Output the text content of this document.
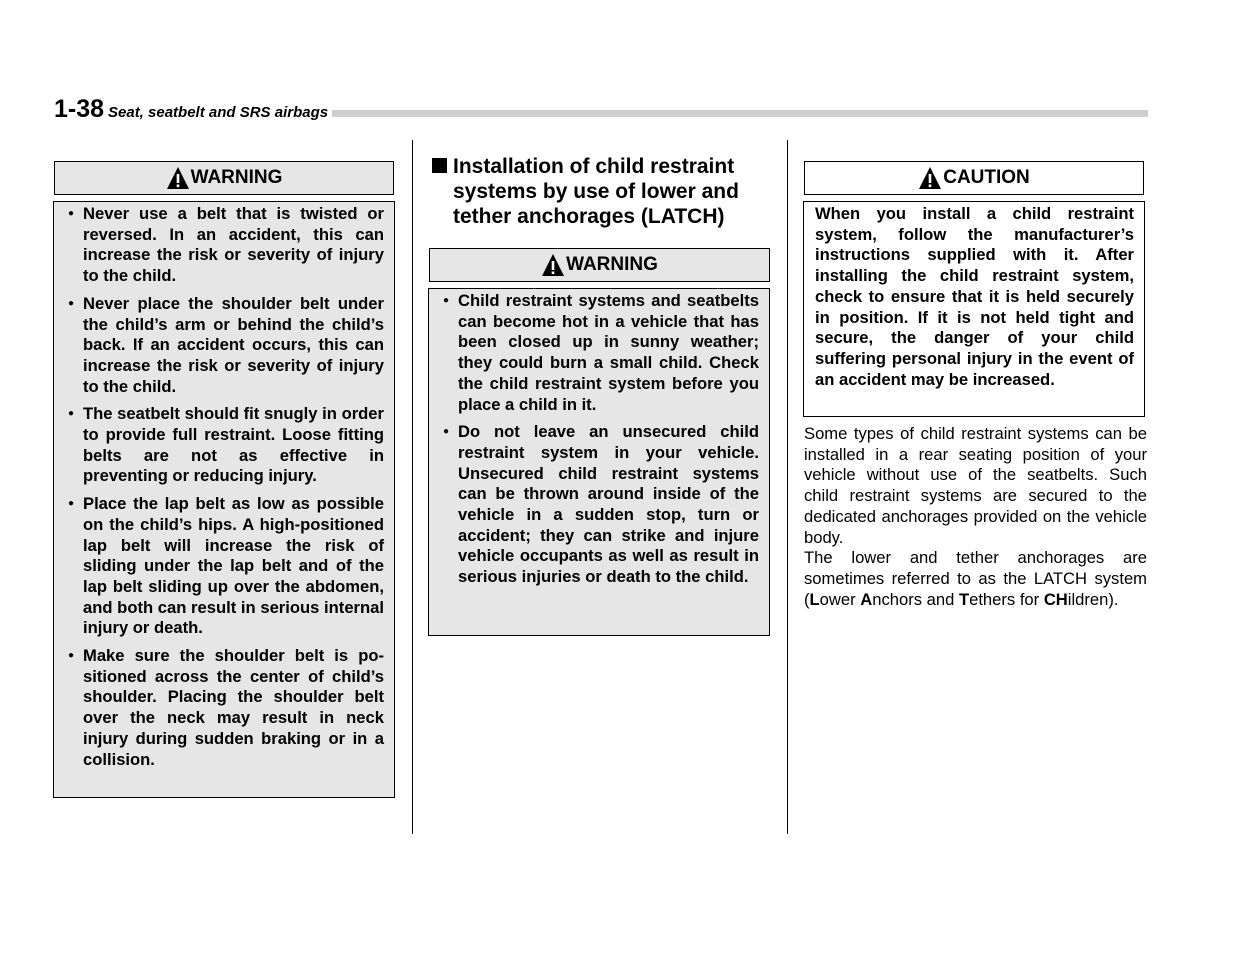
1-38 Seat, seatbelt and SRS airbags
WARNING
● Never use a belt that is twisted or reversed. In an accident, this can increase the risk or severity of injury to the child.
● Never place the shoulder belt under the child’s arm or behind the child’s back. If an accident occurs, this can increase the risk or severity of injury to the child.
● The seatbelt should fit snugly in order to provide full restraint. Loose fitting belts are not as effective in preventing or reducing injury.
● Place the lap belt as low as possible on the child’s hips. A high-positioned lap belt will increase the risk of sliding under the lap belt and of the lap belt sliding up over the abdomen, and both can result in serious internal injury or death.
● Make sure the shoulder belt is positioned across the center of child’s shoulder. Placing the shoulder belt over the neck may result in neck injury during sudden braking or in a collision.
Installation of child restraint systems by use of lower and tether anchorages (LATCH)
WARNING
● Child restraint systems and seatbelts can become hot in a vehicle that has been closed up in sunny weather; they could burn a small child. Check the child restraint system before you place a child in it.
● Do not leave an unsecured child restraint system in your vehicle. Unsecured child restraint systems can be thrown around inside of the vehicle in a sudden stop, turn or accident; they can strike and injure vehicle occupants as well as result in serious injuries or death to the child.
CAUTION
When you install a child restraint system, follow the manufacturer’s instructions supplied with it. After installing the child restraint system, check to ensure that it is held securely in position. If it is not held tight and secure, the danger of your child suffering personal injury in the event of an accident may be increased.

Some types of child restraint systems can be installed in a rear seating position of your vehicle without use of the seatbelts. Such child restraint systems are secured to the dedicated anchorages provided on the vehicle body.

The lower and tether anchorages are sometimes referred to as the LATCH system (Lower Anchors and Tethers for CHildren).
